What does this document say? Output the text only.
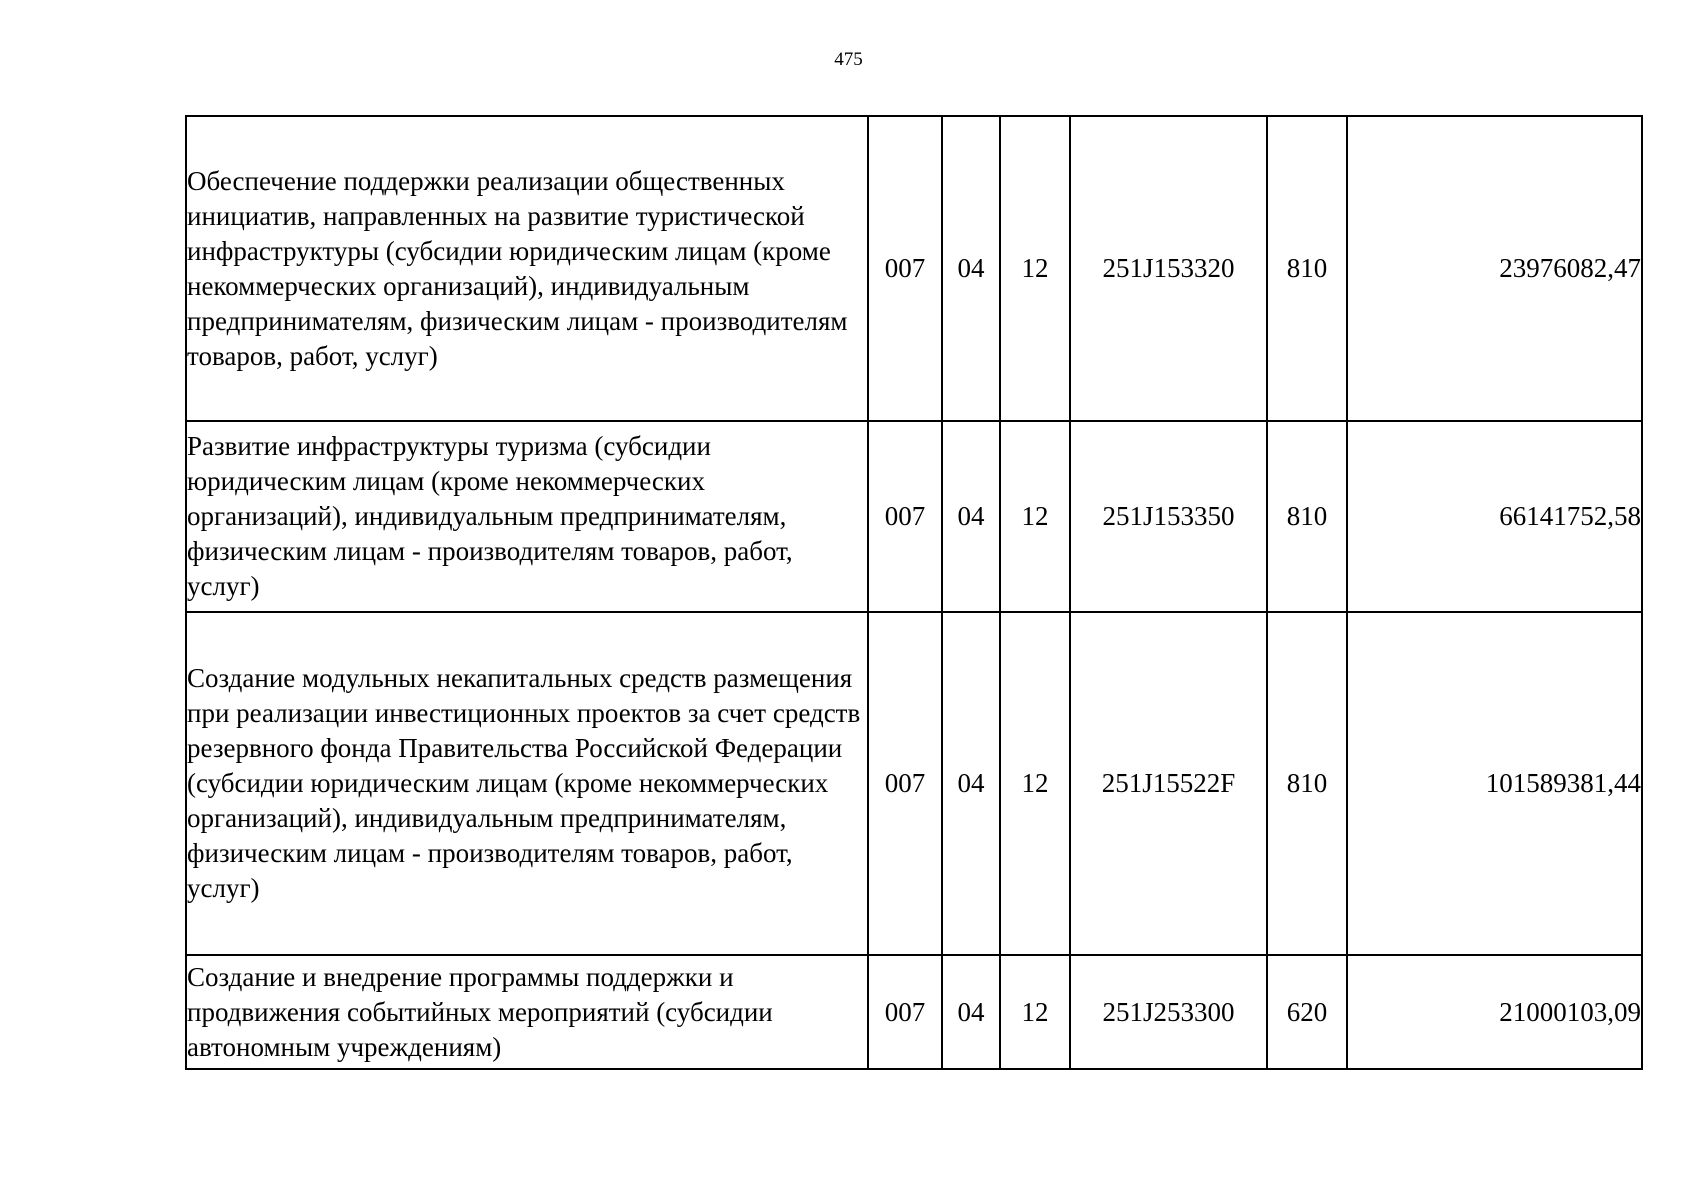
475
Обеспечение поддержки реализации общественных инициатив, направленных на развитие туристической инфраструктуры (субсидии юридическим лицам (кроме некоммерческих организаций), индивидуальным предпринимателям, физическим лицам - производителям товаров, работ, услуг)	007	04	12	251J153320	810	23976082,47
Развитие инфраструктуры туризма (субсидии юридическим лицам (кроме некоммерческих организаций), индивидуальным предпринимателям, физическим лицам - производителям товаров, работ, услуг)	007	04	12	251J153350	810	66141752,58
Создание модульных некапитальных средств размещения при реализации инвестиционных проектов за счет средств резервного фонда Правительства Российской Федерации (субсидии юридическим лицам (кроме некоммерческих организаций), индивидуальным предпринимателям, физическим лицам - производителям товаров, работ, услуг)	007	04	12	251J15522F	810	101589381,44
Создание и внедрение программы поддержки и продвижения событийных мероприятий (субсидии автономным учреждениям)	007	04	12	251J253300	620	21000103,09
